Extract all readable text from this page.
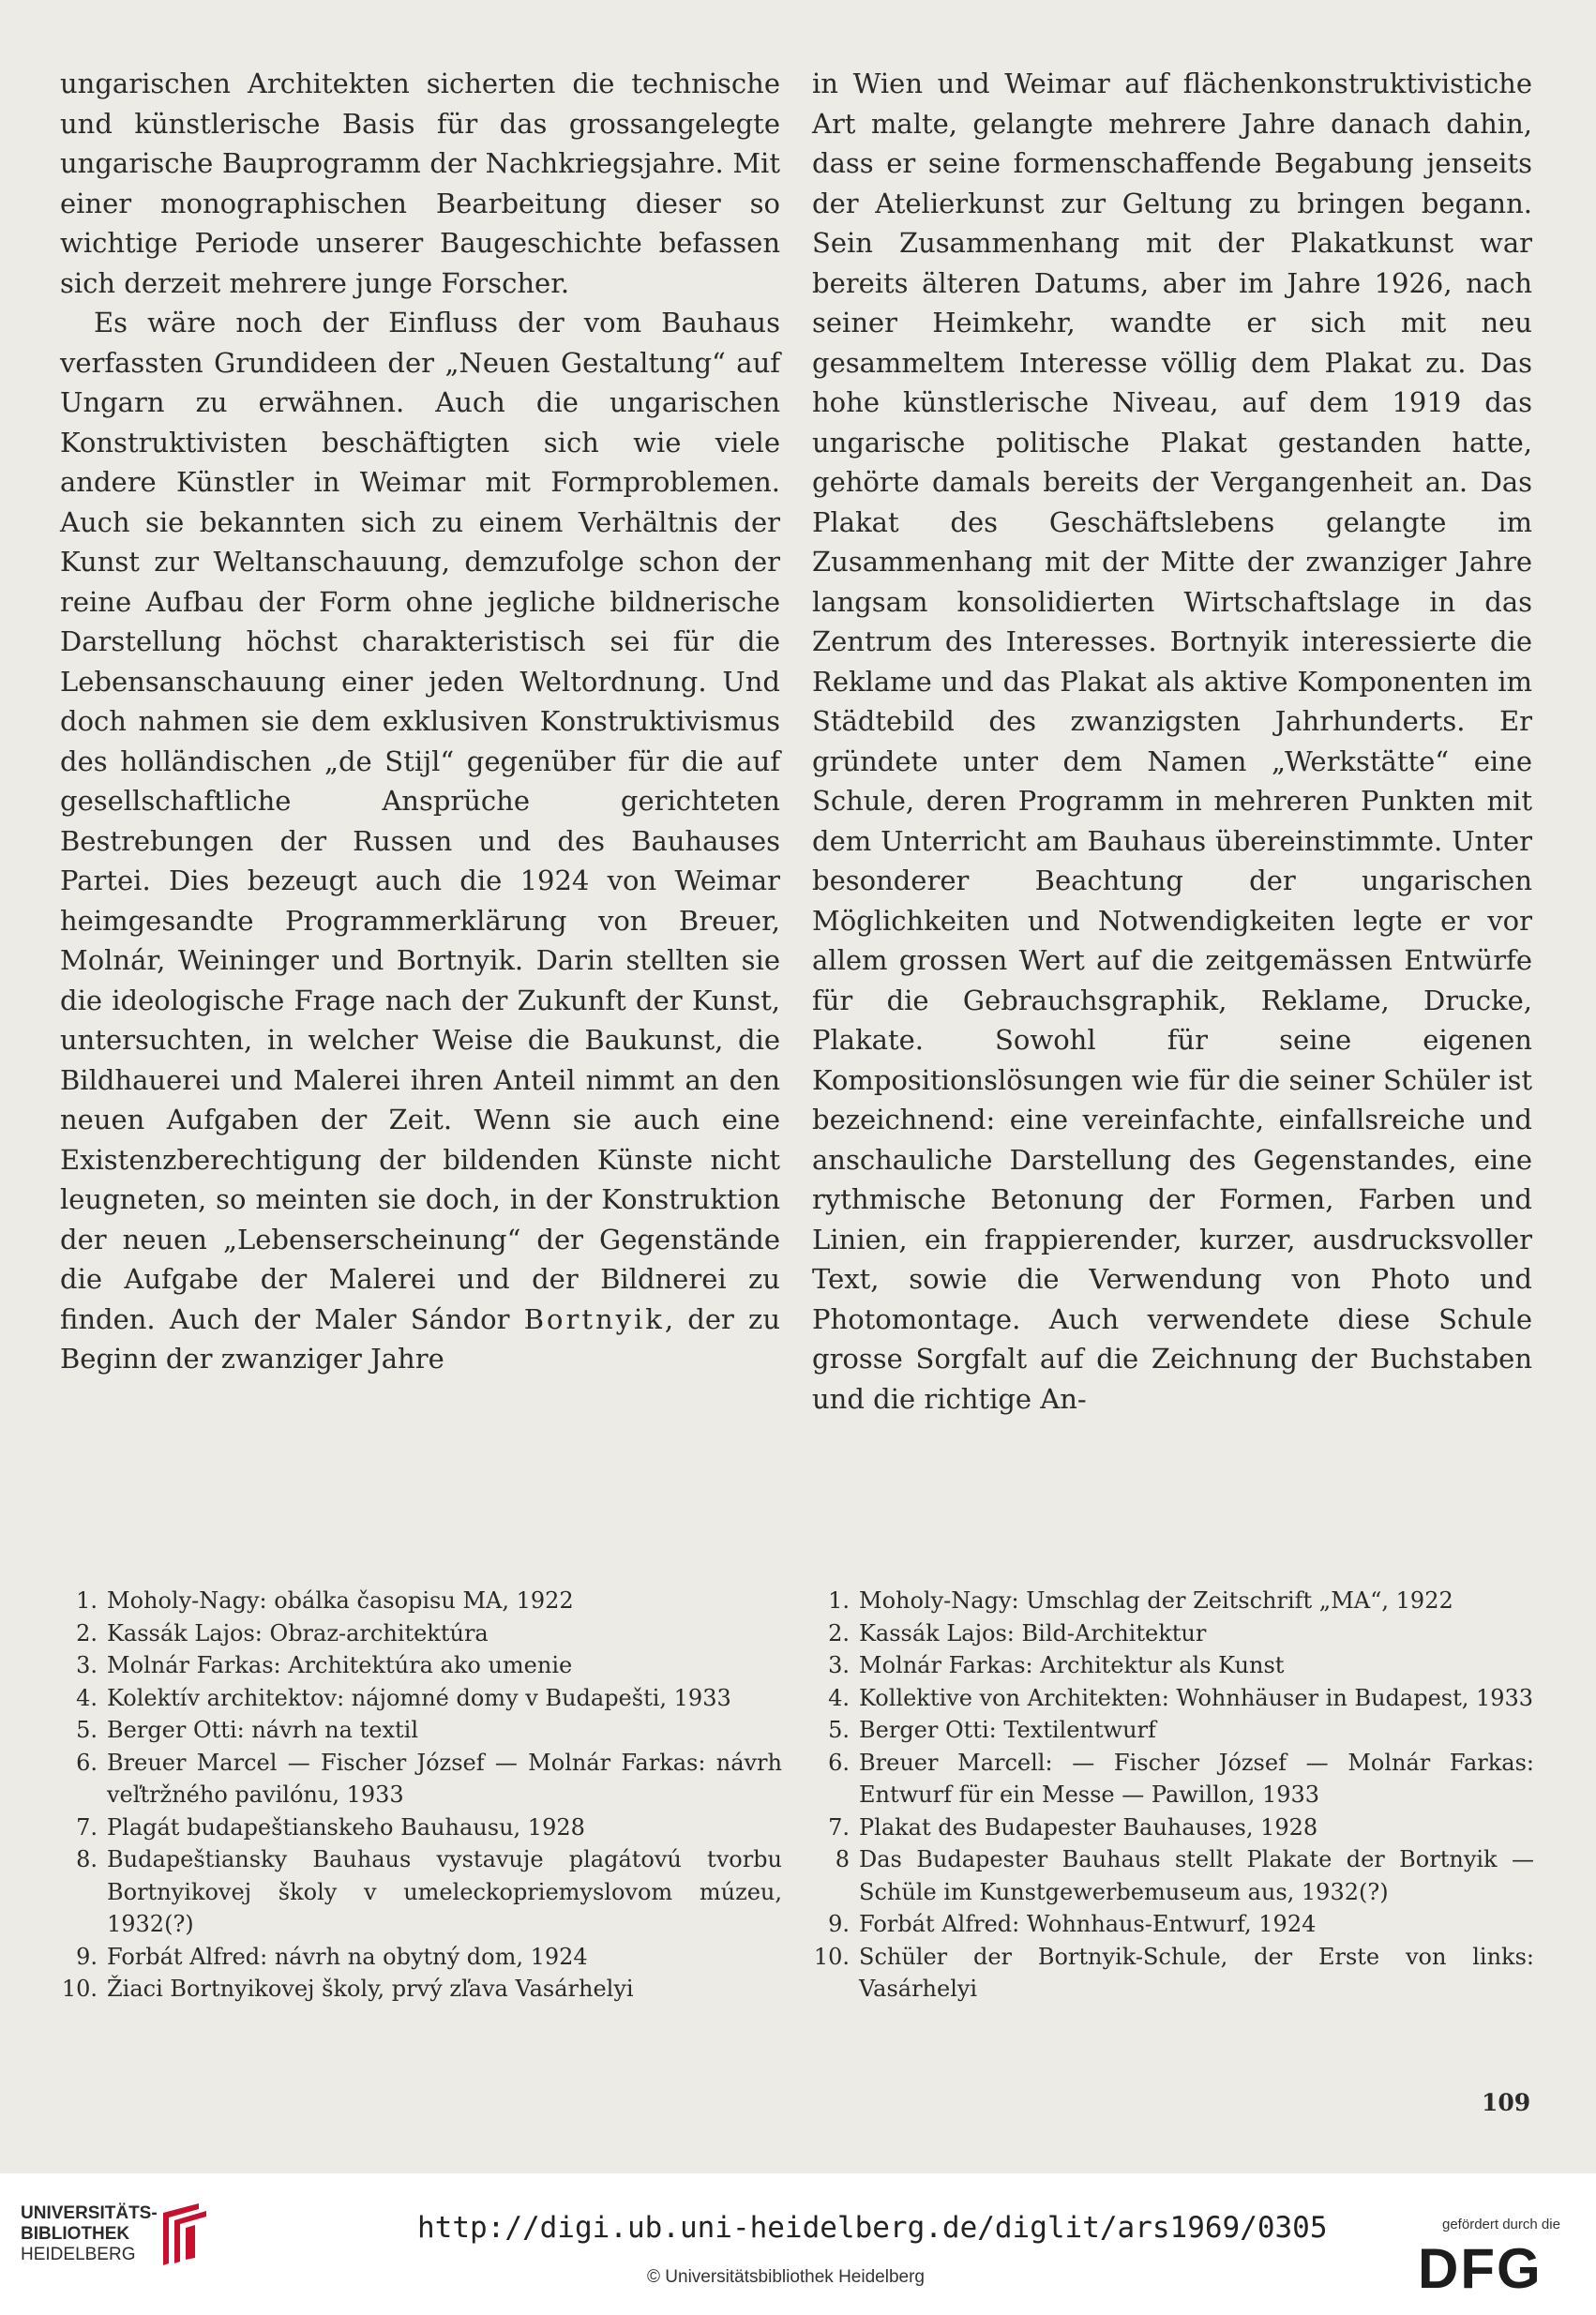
ungarischen Architekten sicherten die technische und künstlerische Basis für das grossangelegte ungarische Bauprogramm der Nachkriegsjahre. Mit einer monographischen Bearbeitung dieser so wichtige Periode unserer Baugeschichte befassen sich derzeit mehrere junge Forscher.

Es wäre noch der Einfluss der vom Bauhaus verfassten Grundideen der „Neuen Gestaltung“ auf Ungarn zu erwähnen. Auch die ungarischen Konstruktivisten beschäftigten sich wie viele andere Künstler in Weimar mit Formproblemen. Auch sie bekannten sich zu einem Verhältnis der Kunst zur Weltanschauung, demzufolge schon der reine Aufbau der Form ohne jegliche bildnerische Darstellung höchst charakteristisch sei für die Lebensanschauung einer jeden Weltordnung. Und doch nahmen sie dem exklusiven Konstruktivismus des holländischen „de Stijl“ gegenüber für die auf gesellschaftliche Ansprüche gerichteten Bestrebungen der Russen und des Bauhauses Partei. Dies bezeugt auch die 1924 von Weimar heimgesandte Programmerklärung von Breuer, Molnár, Weininger und Bortnyik. Darin stellten sie die ideologische Frage nach der Zukunft der Kunst, untersuchten, in welcher Weise die Baukunst, die Bildhauerei und Malerei ihren Anteil nimmt an den neuen Aufgaben der Zeit. Wenn sie auch eine Existenzberechtigung der bildenden Künste nicht leugneten, so meinten sie doch, in der Konstruktion der neuen „Lebenserscheinung“ der Gegenstände die Aufgabe der Malerei und der Bildnerei zu finden. Auch der Maler Sándor Bortnyik, der zu Beginn der zwanziger Jahre

in Wien und Weimar auf flächenkonstruktivistiche Art malte, gelangte mehrere Jahre danach dahin, dass er seine formenschaffende Begabung jenseits der Atelierkunst zur Geltung zu bringen begann. Sein Zusammenhang mit der Plakatkunst war bereits älteren Datums, aber im Jahre 1926, nach seiner Heimkehr, wandte er sich mit neu gesammeltem Interesse völlig dem Plakat zu. Das hohe künstlerische Niveau, auf dem 1919 das ungarische politische Plakat gestanden hatte, gehörte damals bereits der Vergangenheit an. Das Plakat des Geschäftslebens gelangte im Zusammenhang mit der Mitte der zwanziger Jahre langsam konsolidierten Wirtschaftslage in das Zentrum des Interesses. Bortnyik interessierte die Reklame und das Plakat als aktive Komponenten im Städtebild des zwanzigsten Jahrhunderts. Er gründete unter dem Namen „Werkstätte“ eine Schule, deren Programm in mehreren Punkten mit dem Unterricht am Bauhaus übereinstimmte. Unter besonderer Beachtung der ungarischen Möglichkeiten und Notwendigkeiten legte er vor allem grossen Wert auf die zeitgemässen Entwürfe für die Gebrauchsgraphik, Reklame, Drucke, Plakate. Sowohl für seine eigenen Kompositionslösungen wie für die seiner Schüler ist bezeichnend: eine vereinfachte, einfallsreiche und anschauliche Darstellung des Gegenstandes, eine rythmische Betonung der Formen, Farben und Linien, ein frappierender, kurzer, ausdrucksvoller Text, sowie die Verwendung von Photo und Photomontage. Auch verwendete diese Schule grosse Sorgfalt auf die Zeichnung der Buchstaben und die richtige An-

1. Moholy-Nagy: obálka časopisu MA, 1922
2. Kassák Lajos: Obraz-architektúra
3. Molnár Farkas: Architektúra ako umenie
4. Kolektív architektov: nájomné domy v Budapešti, 1933
5. Berger Otti: návrh na textil
6. Breuer Marcel — Fischer József — Molnár Farkas: návrh veľtržného pavilónu, 1933
7. Plagát budapeštianskeho Bauhausu, 1928
8. Budapeštiansky Bauhaus vystavuje plagátovú tvorbu Bortnyikovej školy v umeleckopriemyslovom múzeu, 1932(?)
9. Forbát Alfred: návrh na obytný dom, 1924
10. Žiaci Bortnyikovej školy, prvý zľava Vasárhelyi
1. Moholy-Nagy: Umschlag der Zeitschrift „MA“, 1922
2. Kassák Lajos: Bild-Architektur
3. Molnár Farkas: Architektur als Kunst
4. Kollektive von Architekten: Wohnhäuser in Budapest, 1933
5. Berger Otti: Textilentwurf
6. Breuer Marcell: — Fischer József — Molnár Farkas: Entwurf für ein Messe — Pawillon, 1933
7. Plakat des Budapester Bauhauses, 1928
8 Das Budapester Bauhaus stellt Plakate der Bortnyik — Schüle im Kunstgewerbemuseum aus, 1932(?)
9. Forbát Alfred: Wohnhaus-Entwurf, 1924
10. Schüler der Bortnyik-Schule, der Erste von links: Vasárhelyi
109
UNIVERSITÄTS-
BIBLIOTHEK
HEIDELBERG
http://digi.ub.uni-heidelberg.de/diglit/ars1969/0305
© Universitätsbibliothek Heidelberg
gefördert durch die
DFG
